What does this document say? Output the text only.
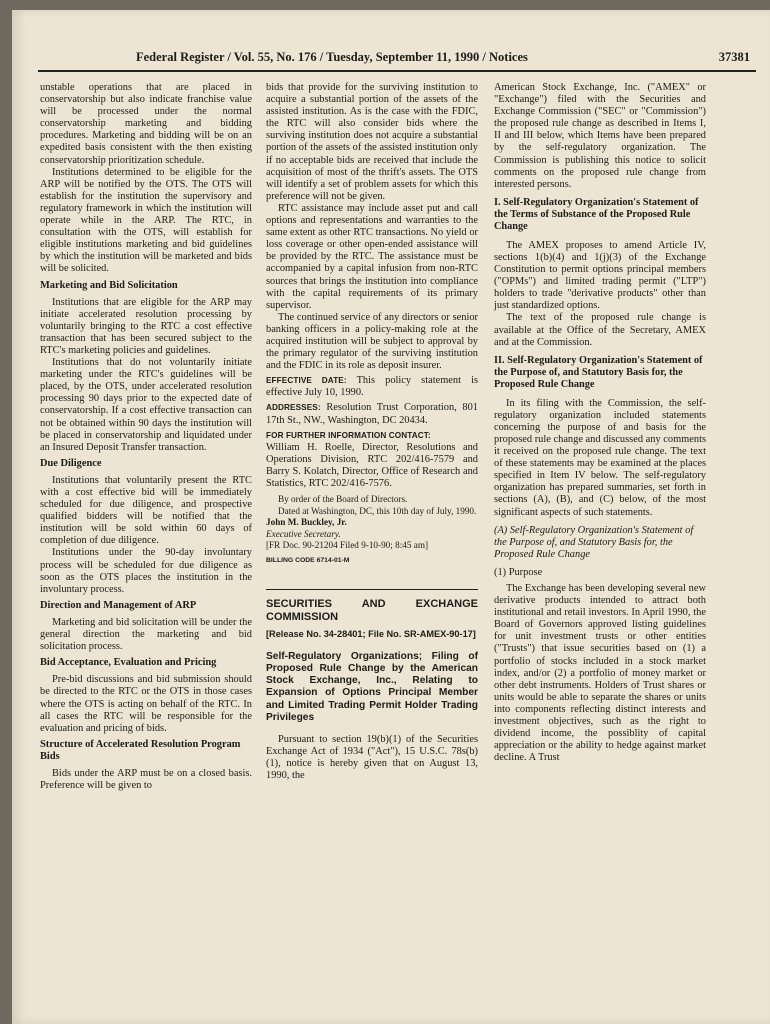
Federal Register / Vol. 55, No. 176 / Tuesday, September 11, 1990 / Notices	37381

unstable operations that are placed in conservatorship but also indicate franchise value will be processed under the normal conservatorship marketing and bidding procedures. Marketing and bidding will be on an expedited basis consistent with the then existing conservatorship prioritization schedule.

Institutions determined to be eligible for the ARP will be notified by the OTS. The OTS will establish for the institution the supervisory and regulatory framework in which the institution will operate while in the ARP. The RTC, in consultation with the OTS, will establish for eligible institutions marketing and bid guidelines by which the institution will be marketed and bids will be solicited.

Marketing and Bid Solicitation

Institutions that are eligible for the ARP may initiate accelerated resolution processing by voluntarily bringing to the RTC a cost effective transaction that has been secured subject to the RTC's marketing policies and guidelines.

Institutions that do not voluntarily initiate marketing under the RTC's guidelines will be placed, by the OTS, under accelerated resolution processing 90 days prior to the expected date of conservatorship. If a cost effective transaction can not be obtained within 90 days the institution will be placed in conservatorship and liquidated under an Insured Deposit Transfer transaction.

Due Diligence

Institutions that voluntarily present the RTC with a cost effective bid will be immediately scheduled for due diligence, and prospective qualified bidders will be notified that the institution will be sold within 60 days of completion of due diligence.

Institutions under the 90-day involuntary process will be scheduled for due diligence as soon as the OTS places the institution in the involuntary process.

Direction and Management of ARP

Marketing and bid solicitation will be under the general direction the marketing and bid solicitation process.

Bid Acceptance, Evaluation and Pricing

Pre-bid discussions and bid submission should be directed to the RTC or the OTS in those cases where the OTS is acting on behalf of the RTC. In all cases the RTC will be responsible for the evaluation and pricing of bids.

Structure of Accelerated Resolution Program Bids

Bids under the ARP must be on a closed basis. Preference will be given to

bids that provide for the surviving institution to acquire a substantial portion of the assets of the assisted institution. As is the case with the FDIC, the RTC will also consider bids where the surviving institution does not acquire a substantial portion of the assets of the assisted institution only if no acceptable bids are received that include the acquisition of most of the thrift's assets. The OTS will identify a set of problem assets for which this preference will not be given.

RTC assistance may include asset put and call options and representations and warranties to the same extent as other RTC transactions. No yield or loss coverage or other open-ended assistance will be provided by the RTC. The assistance must be accompanied by a capital infusion from non-RTC sources that brings the institution into compliance with the capital requirements of its primary supervisor.

The continued service of any directors or senior banking officers in a policy-making role at the acquired institution will be subject to approval by the primary regulator of the surviving institution and the FDIC in its role as deposit insurer.

EFFECTIVE DATE: This policy statement is effective July 10, 1990.

ADDRESSES: Resolution Trust Corporation, 801 17th St., NW., Washington, DC 20434.

FOR FURTHER INFORMATION CONTACT:

William H. Roelle, Director, Resolutions and Operations Division, RTC 202/416-7579 and Barry S. Kolatch, Director, Office of Research and Statistics, RTC 202/416-7576.

By order of the Board of Directors.

Dated at Washington, DC, this 10th day of July, 1990.

John M. Buckley, Jr.

Executive Secretary.

[FR Doc. 90-21204 Filed 9-10-90; 8:45 am]

BILLING CODE 6714-01-M

SECURITIES AND EXCHANGE COMMISSION

[Release No. 34-28401; File No. SR-AMEX-90-17]

Self-Regulatory Organizations; Filing of Proposed Rule Change by the American Stock Exchange, Inc., Relating to Expansion of Options Principal Member and Limited Trading Permit Holder Trading Privileges

Pursuant to section 19(b)(1) of the Securities Exchange Act of 1934 ("Act"), 15 U.S.C. 78s(b)(1), notice is hereby given that on August 13, 1990, the

American Stock Exchange, Inc. ("AMEX" or "Exchange") filed with the Securities and Exchange Commission ("SEC" or "Commission") the proposed rule change as described in Items I, II and III below, which Items have been prepared by the self-regulatory organization. The Commission is publishing this notice to solicit comments on the proposed rule change from interested persons.

I. Self-Regulatory Organization's Statement of the Terms of Substance of the Proposed Rule Change

The AMEX proposes to amend Article IV, sections 1(b)(4) and 1(j)(3) of the Exchange Constitution to permit options principal members ("OPMs") and limited trading permit ("LTP") holders to trade "derivative products" other than just standardized options.

The text of the proposed rule change is available at the Office of the Secretary, AMEX and at the Commission.

II. Self-Regulatory Organization's Statement of the Purpose of, and Statutory Basis for, the Proposed Rule Change

In its filing with the Commission, the self-regulatory organization included statements concerning the purpose of and basis for the proposed rule change and discussed any comments it received on the proposed rule change. The text of these statements may be examined at the places specified in Item IV below. The self-regulatory organization has prepared summaries, set forth in sections (A), (B), and (C) below, of the most significant aspects of such statements.

(A) Self-Regulatory Organization's Statement of the Purpose of, and Statutory Basis for, the Proposed Rule Change

(1) Purpose

The Exchange has been developing several new derivative products intended to attract both institutional and retail investors. In April 1990, the Board of Governors approved listing guidelines for unit investment trusts or other entities ("Trusts") that issue securities based on (1) a portfolio of stocks included in a stock market index, and/or (2) a portfolio of money market or other debt instruments. Holders of Trust shares or units would be able to separate the shares or units into components reflecting distinct interests and investment objectives, such as the right to dividend income, the possiblity of capital appreciation or the ability to hedge against market decline. A Trust
